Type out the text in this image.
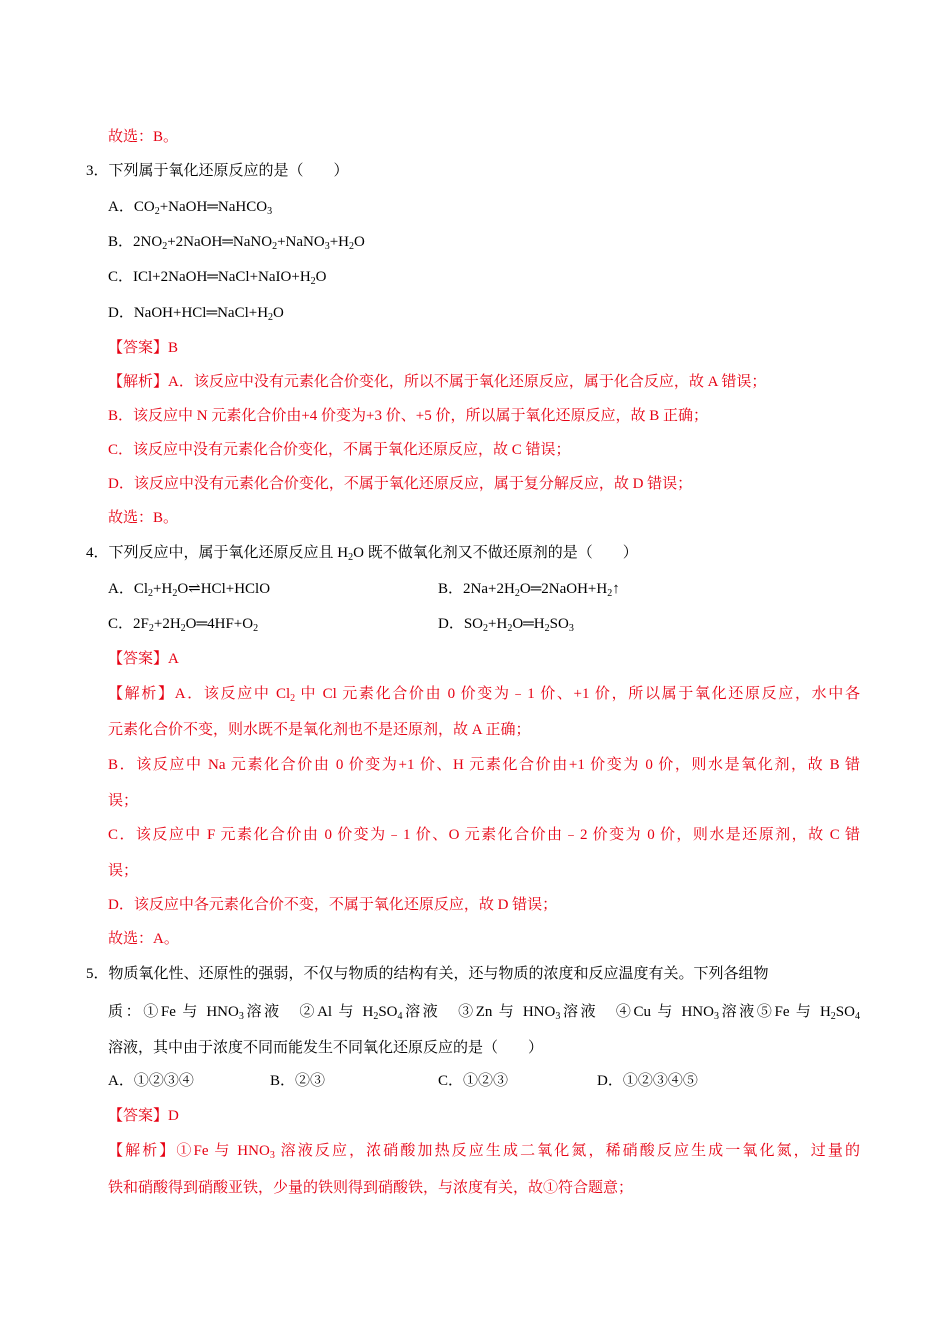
故选：B。
3．下列属于氧化还原反应的是（　　）
A．$CO_2+NaOH═NaHCO_3$
B．$2NO_2+2NaOH═NaNO_2+NaNO_3+H_2O$
C．$ICl+2NaOH═NaCl+NaIO+H_2O$
D．$NaOH+HCl═NaCl+H_2O$
【答案】B
【解析】A．该反应中没有元素化合价变化，所以不属于氧化还原反应，属于化合反应，故 A 错误；
B．该反应中 N 元素化合价由+4 价变为+3 价、+5 价，所以属于氧化还原反应，故 B 正确；
C．该反应中没有元素化合价变化，不属于氧化还原反应，故 C 错误；
D．该反应中没有元素化合价变化，不属于氧化还原反应，属于复分解反应，故 D 错误；
故选：B。
4．下列反应中，属于氧化还原反应且 $H_2O$ 既不做氧化剂又不做还原剂的是（　　）
A．$Cl_2+H_2O\rightleftharpoons HCl+HClO$	B．$2Na+2H_2O═2NaOH+H_2↑$
C．$2F_2+2H_2O═4HF+O_2$	D．$SO_2+H_2O═H_2SO_3$
【答案】A
【解析】A．该反应中 $Cl_2$ 中 Cl 元素化合价由 0 价变为﹣1 价、+1 价，所以属于氧化还原反应，水中各
元素化合价不变，则水既不是氧化剂也不是还原剂，故 A 正确；
B．该反应中 Na 元素化合价由 0 价变为+1 价、H 元素化合价由+1 价变为 0 价，则水是氧化剂，故 B 错
误；
C．该反应中 F 元素化合价由 0 价变为﹣1 价、O 元素化合价由﹣2 价变为 0 价，则水是还原剂，故 C 错
误；
D．该反应中各元素化合价不变，不属于氧化还原反应，故 D 错误；
故选：A。
5．物质氧化性、还原性的强弱，不仅与物质的结构有关，还与物质的浓度和反应温度有关。下列各组物
质：①Fe 与 $HNO_3$溶液　②Al 与 $H_2SO_4$溶液　③Zn 与 $HNO_3$溶液　④Cu 与 $HNO_3$溶液⑤Fe 与 $H_2SO_4$
溶液，其中由于浓度不同而能发生不同氧化还原反应的是（　　）
A．①②③④	B．②③	C．①②③	D．①②③④⑤
【答案】D
【解析】①Fe 与 $HNO_3$ 溶液反应，浓硝酸加热反应生成二氧化氮，稀硝酸反应生成一氧化氮，过量的
铁和硝酸得到硝酸亚铁，少量的铁则得到硝酸铁，与浓度有关，故①符合题意；
